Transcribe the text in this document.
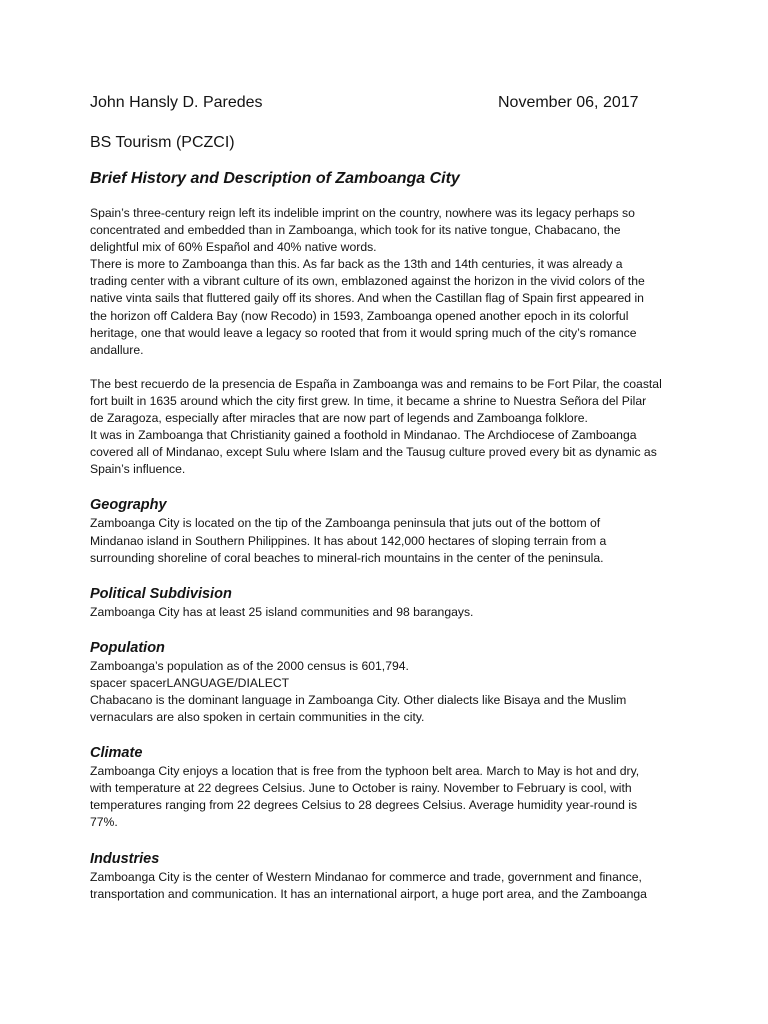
John Hansly D. Paredes	November 06, 2017
BS Tourism (PCZCI)
Brief History and Description of Zamboanga City

Spain’s three-century reign left its indelible imprint on the country, nowhere was its legacy perhaps so
concentrated and embedded than in Zamboanga, which took for its native tongue, Chabacano, the
delightful mix of 60% Español and 40% native words.

There is more to Zamboanga than this. As far back as the 13th and 14th centuries, it was already a
trading center with a vibrant culture of its own, emblazoned against the horizon in the vivid colors of the
native vinta sails that fluttered gaily off its shores. And when the Castillan flag of Spain first appeared in
the horizon off Caldera Bay (now Recodo) in 1593, Zamboanga opened another epoch in its colorful
heritage, one that would leave a legacy so rooted that from it would spring much of the city’s romance
andallure.

The best recuerdo de la presencia de España in Zamboanga was and remains to be Fort Pilar, the coastal
fort built in 1635 around which the city first grew. In time, it became a shrine to Nuestra Señora del Pilar
de Zaragoza, especially after miracles that are now part of legends and Zamboanga folklore.

It was in Zamboanga that Christianity gained a foothold in Mindanao. The Archdiocese of Zamboanga
covered all of Mindanao, except Sulu where Islam and the Tausug culture proved every bit as dynamic as
Spain’s influence.

Geography

Zamboanga City is located on the tip of the Zamboanga peninsula that juts out of the bottom of
Mindanao island in Southern Philippines. It has about 142,000 hectares of sloping terrain from a
surrounding shoreline of coral beaches to mineral-rich mountains in the center of the peninsula.

Political Subdivision

Zamboanga City has at least 25 island communities and 98 barangays.

Population

Zamboanga’s population as of the 2000 census is 601,794.
spacer spacerLANGUAGE/DIALECT
Chabacano is the dominant language in Zamboanga City. Other dialects like Bisaya and the Muslim
vernaculars are also spoken in certain communities in the city.

Climate

Zamboanga City enjoys a location that is free from the typhoon belt area. March to May is hot and dry,
with temperature at 22 degrees Celsius. June to October is rainy. November to February is cool, with
temperatures ranging from 22 degrees Celsius to 28 degrees Celsius. Average humidity year-round is
77%.

Industries

Zamboanga City is the center of Western Mindanao for commerce and trade, government and finance,
transportation and communication. It has an international airport, a huge port area, and the Zamboanga
